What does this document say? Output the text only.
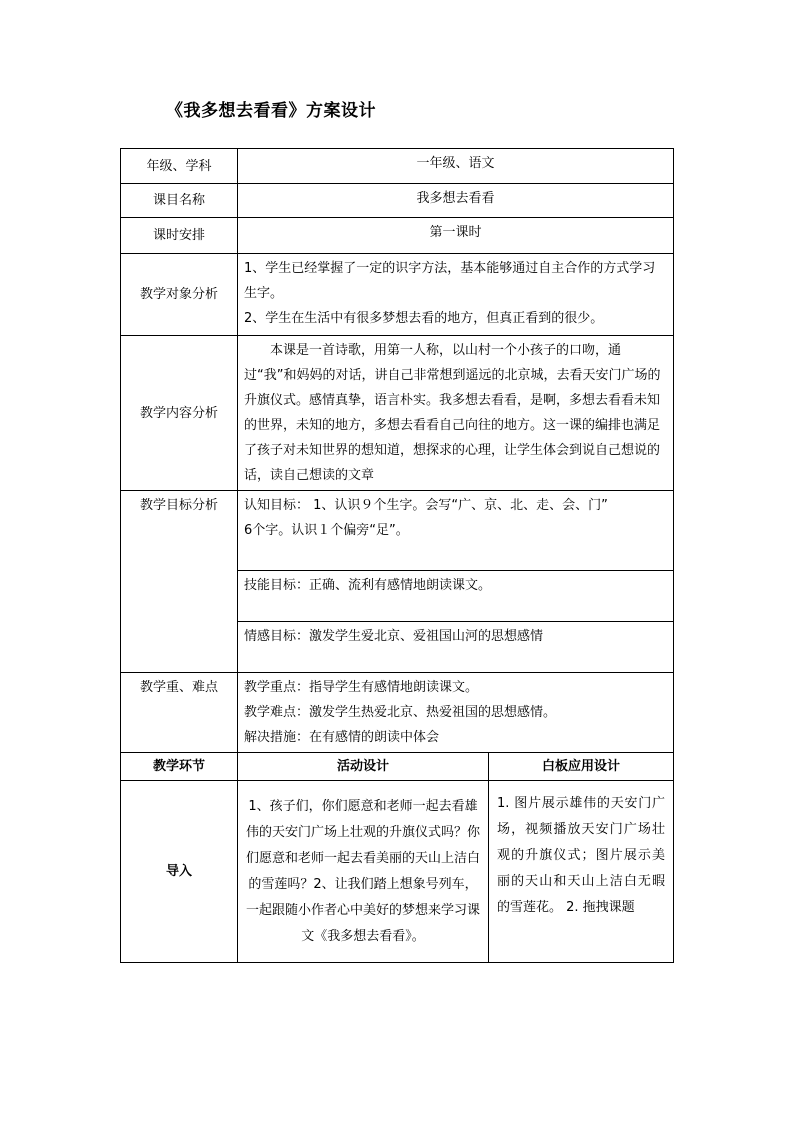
《我多想去看看》方案设计
年级、学科	一年级、语文	
课目名称	我多想去看看	
课时安排	第一课时	
教学对象分析	1、学生已经掌握了一定的识字方法，基本能够通过自主合作的方式学习生字。

2、学生在生活中有很多梦想去看的地方，但真正看到的很少。	

教学内容分析	本课是一首诗歌，用第一人称，以山村一个小孩子的口吻，通过“我”和妈妈的对话，讲自己非常想到遥远的北京城，去看天安门广场的升旗仪式。感情真挚，语言朴实。我多想去看看，是啊，多想去看看未知的世界，未知的地方，多想去看看自己向往的地方。这一课的编排也满足了孩子对未知世界的想知道，想探求的心理，让学生体会到说自己想说的话，读自己想读的文章	
教学目标分析	认知目标： 1、认识９个生字。会写“广、京、北、走、会、门”

6个字。认识１个偏旁“足”。	

	技能目标：正确、流利有感情地朗读课文。	
	情感目标：激发学生爱北京、爱祖国山河的思想感情	
教学重、难点	教学重点：指导学生有感情地朗读课文。

教学难点：激发学生热爱北京、热爱祖国的思想感情。

解决措施：在有感情的朗读中体会	

教学环节	活动设计	白板应用设计
导入	1、孩子们，你们愿意和老师一起去看雄伟的天安门广场上壮观的升旗仪式吗？你们愿意和老师一起去看美丽的天山上洁白的雪莲吗？2、让我们踏上想象号列车，一起跟随小作者心中美好的梦想来学习课文《我多想去看看》。	1. 图片展示雄伟的天安门广场，视频播放天安门广场壮观的升旗仪式；图片展示美丽的天山和天山上洁白无暇的雪莲花。 2. 拖拽课题
